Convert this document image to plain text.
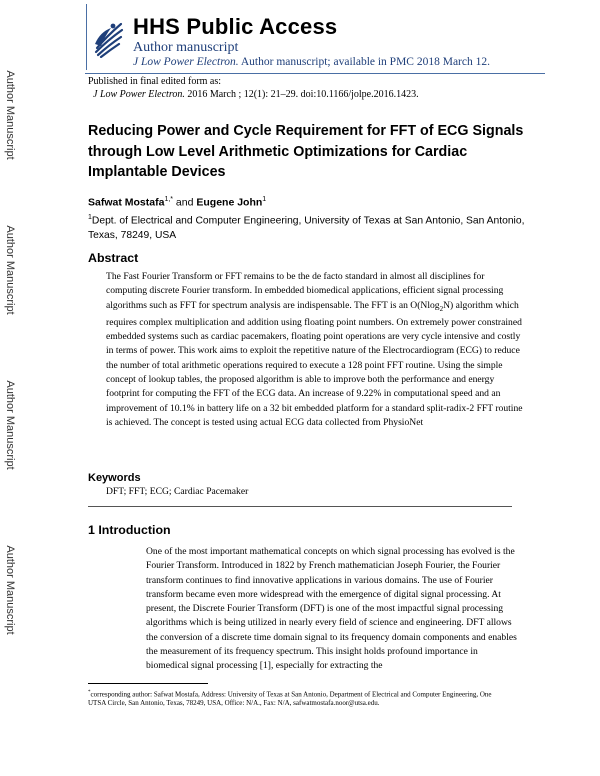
Author Manuscript
Author Manuscript
Author Manuscript
Author Manuscript
HHS Public Access
Author manuscript
J Low Power Electron. Author manuscript; available in PMC 2018 March 12.
Published in final edited form as:
J Low Power Electron. 2016 March ; 12(1): 21–29. doi:10.1166/jolpe.2016.1423.
Reducing Power and Cycle Requirement for FFT of ECG Signals through Low Level Arithmetic Optimizations for Cardiac Implantable Devices
Safwat Mostafa$^{1,*}$ and Eugene John$^1$
$^1$Dept. of Electrical and Computer Engineering, University of Texas at San Antonio, San Antonio, Texas, 78249, USA
Abstract
The Fast Fourier Transform or FFT remains to be the de facto standard in almost all disciplines for computing discrete Fourier transform. In embedded biomedical applications, efficient signal processing algorithms such as FFT for spectrum analysis are indispensable. The FFT is an O(Nlog$_2$N) algorithm which requires complex multiplication and addition using floating point numbers. On extremely power constrained embedded systems such as cardiac pacemakers, floating point operations are very cycle intensive and costly in terms of power. This work aims to exploit the repetitive nature of the Electrocardiogram (ECG) to reduce the number of total arithmetic operations required to execute a 128 point FFT routine. Using the simple concept of lookup tables, the proposed algorithm is able to improve both the performance and energy footprint for computing the FFT of the ECG data. An increase of 9.22% in computational speed and an improvement of 10.1% in battery life on a 32 bit embedded platform for a standard split-radix-2 FFT routine is achieved. The concept is tested using actual ECG data collected from PhysioNet
Keywords
DFT; FFT; ECG; Cardiac Pacemaker
1 Introduction
One of the most important mathematical concepts on which signal processing has evolved is the Fourier Transform. Introduced in 1822 by French mathematician Joseph Fourier, the Fourier transform continues to find innovative applications in various domains. The use of Fourier transform became even more widespread with the emergence of digital signal processing. At present, the Discrete Fourier Transform (DFT) is one of the most impactful signal processing algorithms which is being utilized in nearly every field of science and engineering. DFT allows the conversion of a discrete time domain signal to its frequency domain components and enables the measurement of its frequency spectrum. This insight holds profound importance in biomedical signal processing [1], especially for extracting the
*corresponding author: Safwat Mostafa, Address: University of Texas at San Antonio, Department of Electrical and Computer Engineering, One UTSA Circle, San Antonio, Texas, 78249, USA, Office: N/A., Fax: N/A, safwatmostafa.noor@utsa.edu.
